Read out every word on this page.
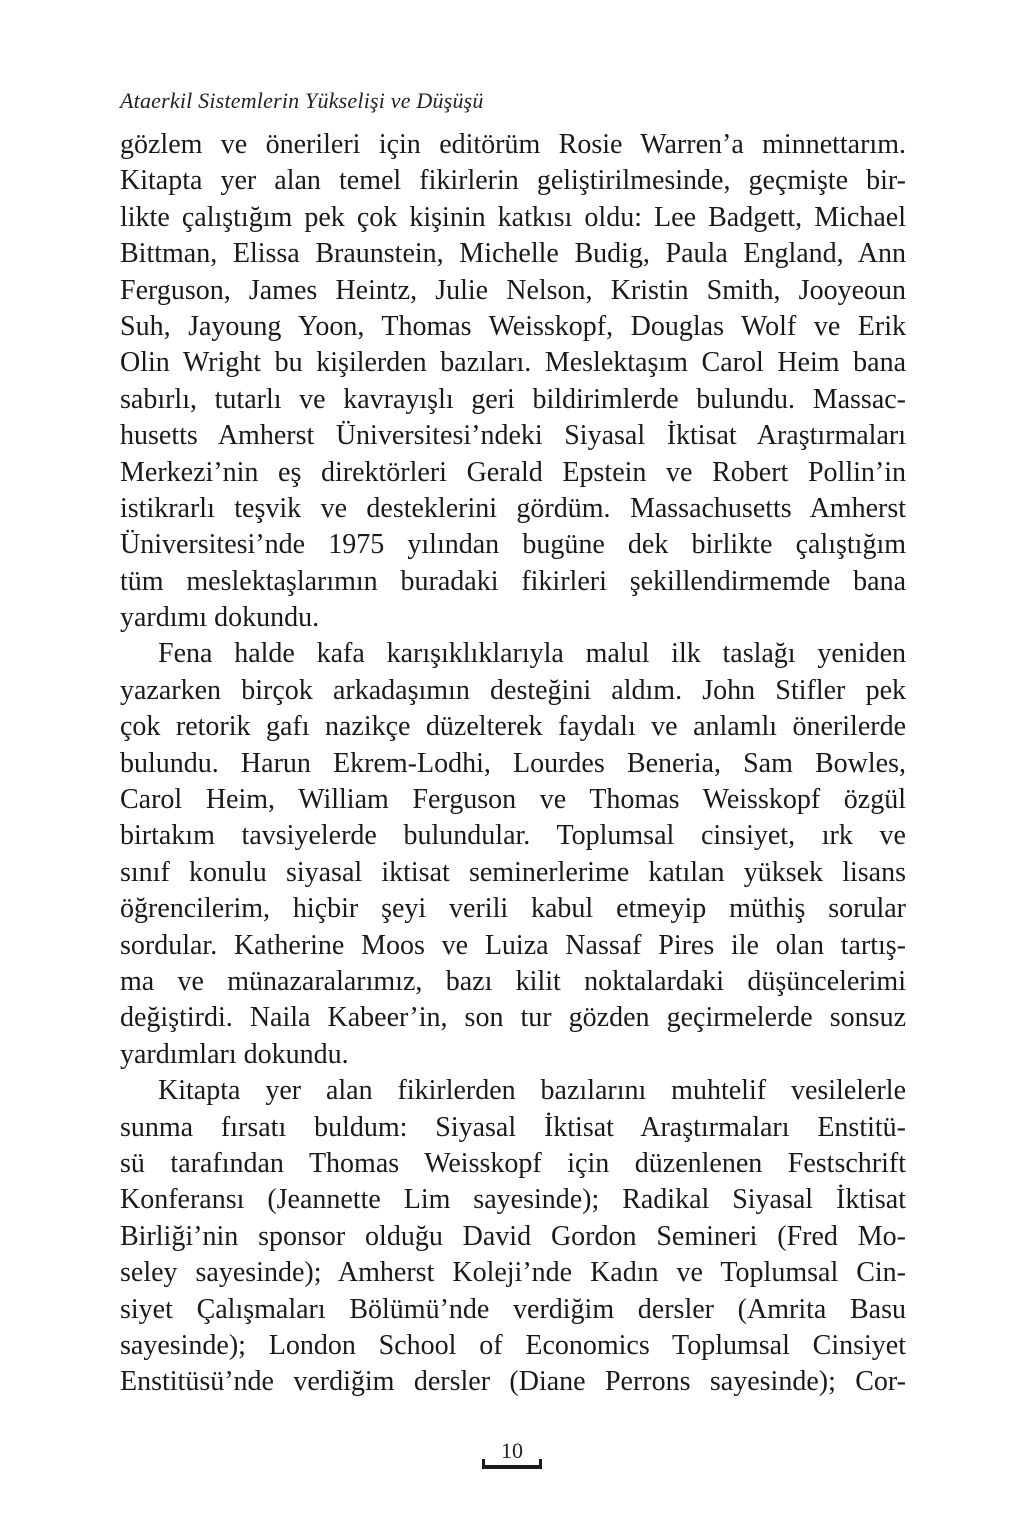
Ataerkil Sistemlerin Yükselişi ve Düşüşü
gözlem ve önerileri için editörüm Rosie Warren’a minnettarım.
Kitapta yer alan temel fikirlerin geliştirilmesinde, geçmişte bir-
likte çalıştığım pek çok kişinin katkısı oldu: Lee Badgett, Michael
Bittman, Elissa Braunstein, Michelle Budig, Paula England, Ann
Ferguson, James Heintz, Julie Nelson, Kristin Smith, Jooyeoun
Suh, Jayoung Yoon, Thomas Weisskopf, Douglas Wolf ve Erik
Olin Wright bu kişilerden bazıları. Meslektaşım Carol Heim bana
sabırlı, tutarlı ve kavrayışlı geri bildirimlerde bulundu. Massac-
husetts Amherst Üniversitesi’ndeki Siyasal İktisat Araştırmaları
Merkezi’nin eş direktörleri Gerald Epstein ve Robert Pollin’in
istikrarlı teşvik ve desteklerini gördüm. Massachusetts Amherst
Üniversitesi’nde 1975 yılından bugüne dek birlikte çalıştığım
tüm meslektaşlarımın buradaki fikirleri şekillendirmemde bana
yardımı dokundu.
Fena halde kafa karışıklıklarıyla malul ilk taslağı yeniden
yazarken birçok arkadaşımın desteğini aldım. John Stifler pek
çok retorik gafı nazikçe düzelterek faydalı ve anlamlı önerilerde
bulundu. Harun Ekrem-Lodhi, Lourdes Beneria, Sam Bowles,
Carol Heim, William Ferguson ve Thomas Weisskopf özgül
birtakım tavsiyelerde bulundular. Toplumsal cinsiyet, ırk ve
sınıf konulu siyasal iktisat seminerlerime katılan yüksek lisans
öğrencilerim, hiçbir şeyi verili kabul etmeyip müthiş sorular
sordular. Katherine Moos ve Luiza Nassaf Pires ile olan tartış-
ma ve münazaralarımız, bazı kilit noktalardaki düşüncelerimi
değiştirdi. Naila Kabeer’in, son tur gözden geçirmelerde sonsuz
yardımları dokundu.
Kitapta yer alan fikirlerden bazılarını muhtelif vesilelerle
sunma fırsatı buldum: Siyasal İktisat Araştırmaları Enstitü-
sü tarafından Thomas Weisskopf için düzenlenen Festschrift
Konferansı (Jeannette Lim sayesinde); Radikal Siyasal İktisat
Birliği’nin sponsor olduğu David Gordon Semineri (Fred Mo-
seley sayesinde); Amherst Koleji’nde Kadın ve Toplumsal Cin-
siyet Çalışmaları Bölümü’nde verdiğim dersler (Amrita Basu
sayesinde); London School of Economics Toplumsal Cinsiyet
Enstitüsü’nde verdiğim dersler (Diane Perrons sayesinde); Cor-
10
